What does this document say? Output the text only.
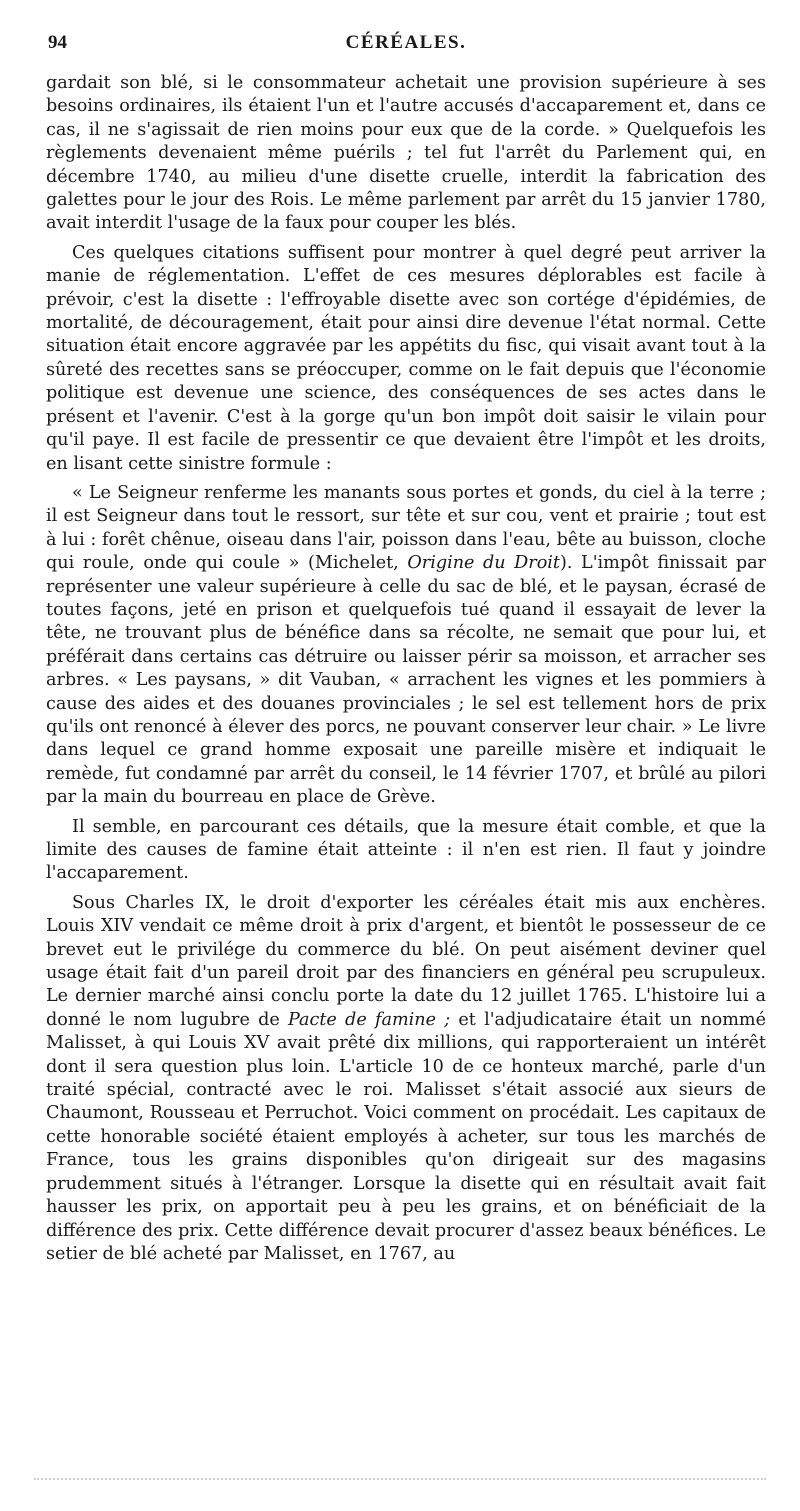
94	CÉRÉALES.

gardait son blé, si le consommateur achetait une provision supérieure à ses besoins ordinaires, ils étaient l'un et l'autre accusés d'accaparement et, dans ce cas, il ne s'agissait de rien moins pour eux que de la corde. » Quelquefois les règlements devenaient même puérils ; tel fut l'arrêt du Parlement qui, en décembre 1740, au milieu d'une disette cruelle, interdit la fabrication des galettes pour le jour des Rois. Le même parlement par arrêt du 15 janvier 1780, avait interdit l'usage de la faux pour couper les blés.

Ces quelques citations suffisent pour montrer à quel degré peut arriver la manie de réglementation. L'effet de ces mesures déplorables est facile à prévoir, c'est la disette : l'effroyable disette avec son cortége d'épidémies, de mortalité, de découragement, était pour ainsi dire devenue l'état normal. Cette situation était encore aggravée par les appétits du fisc, qui visait avant tout à la sûreté des recettes sans se préoccuper, comme on le fait depuis que l'économie politique est devenue une science, des conséquences de ses actes dans le présent et l'avenir. C'est à la gorge qu'un bon impôt doit saisir le vilain pour qu'il paye. Il est facile de pressentir ce que devaient être l'impôt et les droits, en lisant cette sinistre formule :

« Le Seigneur renferme les manants sous portes et gonds, du ciel à la terre ; il est Seigneur dans tout le ressort, sur tête et sur cou, vent et prairie ; tout est à lui : forêt chênue, oiseau dans l'air, poisson dans l'eau, bête au buisson, cloche qui roule, onde qui coule » (Michelet, Origine du Droit). L'impôt finissait par représenter une valeur supérieure à celle du sac de blé, et le paysan, écrasé de toutes façons, jeté en prison et quelquefois tué quand il essayait de lever la tête, ne trouvant plus de bénéfice dans sa récolte, ne semait que pour lui, et préférait dans certains cas détruire ou laisser périr sa moisson, et arracher ses arbres. « Les paysans, » dit Vauban, « arrachent les vignes et les pommiers à cause des aides et des douanes provinciales ; le sel est tellement hors de prix qu'ils ont renoncé à élever des porcs, ne pouvant conserver leur chair. » Le livre dans lequel ce grand homme exposait une pareille misère et indiquait le remède, fut condamné par arrêt du conseil, le 14 février 1707, et brûlé au pilori par la main du bourreau en place de Grève.

Il semble, en parcourant ces détails, que la mesure était comble, et que la limite des causes de famine était atteinte : il n'en est rien. Il faut y joindre l'accaparement.

Sous Charles IX, le droit d'exporter les céréales était mis aux enchères. Louis XIV vendait ce même droit à prix d'argent, et bientôt le possesseur de ce brevet eut le privilége du commerce du blé. On peut aisément deviner quel usage était fait d'un pareil droit par des financiers en général peu scrupuleux. Le dernier marché ainsi conclu porte la date du 12 juillet 1765. L'histoire lui a donné le nom lugubre de Pacte de famine ; et l'adjudicataire était un nommé Malisset, à qui Louis XV avait prêté dix millions, qui rapporteraient un intérêt dont il sera question plus loin. L'article 10 de ce honteux marché, parle d'un traité spécial, contracté avec le roi. Malisset s'était associé aux sieurs de Chaumont, Rousseau et Perruchot. Voici comment on procédait. Les capitaux de cette honorable société étaient employés à acheter, sur tous les marchés de France, tous les grains disponibles qu'on dirigeait sur des magasins prudemment situés à l'étranger. Lorsque la disette qui en résultait avait fait hausser les prix, on apportait peu à peu les grains, et on bénéficiait de la différence des prix. Cette différence devait procurer d'assez beaux bénéfices. Le setier de blé acheté par Malisset, en 1767, au
